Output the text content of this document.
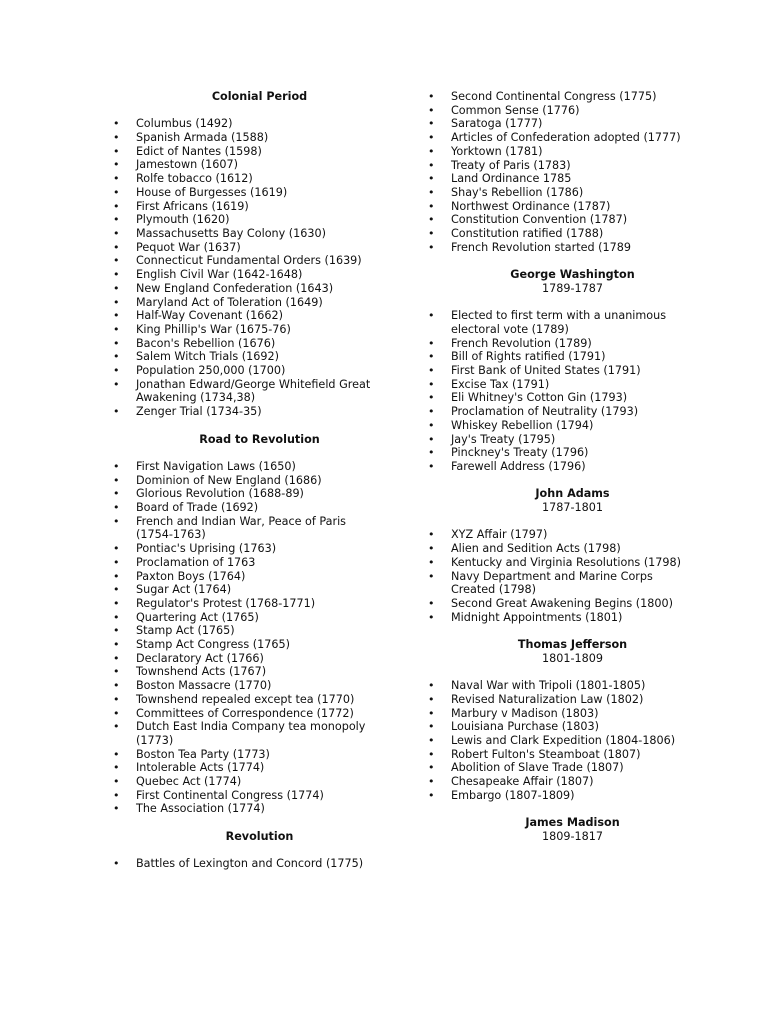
Colonial Period
• Columbus (1492)
• Spanish Armada (1588)
• Edict of Nantes (1598)
• Jamestown (1607)
• Rolfe tobacco (1612)
• House of Burgesses (1619)
• First Africans (1619)
• Plymouth (1620)
• Massachusetts Bay Colony (1630)
• Pequot War (1637)
• Connecticut Fundamental Orders (1639)
• English Civil War (1642-1648)
• New England Confederation (1643)
• Maryland Act of Toleration (1649)
• Half-Way Covenant (1662)
• King Phillip's War (1675-76)
• Bacon's Rebellion (1676)
• Salem Witch Trials (1692)
• Population 250,000 (1700)
• Jonathan Edward/George Whitefield Great Awakening (1734,38)
• Zenger Trial (1734-35)
Road to Revolution
• First Navigation Laws (1650)
• Dominion of New England (1686)
• Glorious Revolution (1688-89)
• Board of Trade (1692)
• French and Indian War, Peace of Paris (1754-1763)
• Pontiac's Uprising (1763)
• Proclamation of 1763
• Paxton Boys (1764)
• Sugar Act (1764)
• Regulator's Protest (1768-1771)
• Quartering Act (1765)
• Stamp Act (1765)
• Stamp Act Congress (1765)
• Declaratory Act (1766)
• Townshend Acts (1767)
• Boston Massacre (1770)
• Townshend repealed except tea (1770)
• Committees of Correspondence (1772)
• Dutch East India Company tea monopoly (1773)
• Boston Tea Party (1773)
• Intolerable Acts (1774)
• Quebec Act (1774)
• First Continental Congress (1774)
• The Association (1774)
Revolution
• Battles of Lexington and Concord (1775)
• Second Continental Congress (1775)
• Common Sense (1776)
• Saratoga (1777)
• Articles of Confederation adopted (1777)
• Yorktown (1781)
• Treaty of Paris (1783)
• Land Ordinance 1785
• Shay's Rebellion (1786)
• Northwest Ordinance (1787)
• Constitution Convention (1787)
• Constitution ratified (1788)
• French Revolution started (1789
George Washington
1789-1787
• Elected to first term with a unanimous electoral vote (1789)
• French Revolution (1789)
• Bill of Rights ratified (1791)
• First Bank of United States (1791)
• Excise Tax (1791)
• Eli Whitney's Cotton Gin (1793)
• Proclamation of Neutrality (1793)
• Whiskey Rebellion (1794)
• Jay's Treaty (1795)
• Pinckney's Treaty (1796)
• Farewell Address (1796)
John Adams
1787-1801
• XYZ Affair (1797)
• Alien and Sedition Acts (1798)
• Kentucky and Virginia Resolutions (1798)
• Navy Department and Marine Corps Created (1798)
• Second Great Awakening Begins (1800)
• Midnight Appointments (1801)
Thomas Jefferson
1801-1809
• Naval War with Tripoli (1801-1805)
• Revised Naturalization Law (1802)
• Marbury v Madison (1803)
• Louisiana Purchase (1803)
• Lewis and Clark Expedition (1804-1806)
• Robert Fulton's Steamboat (1807)
• Abolition of Slave Trade (1807)
• Chesapeake Affair (1807)
• Embargo (1807-1809)
James Madison
1809-1817
